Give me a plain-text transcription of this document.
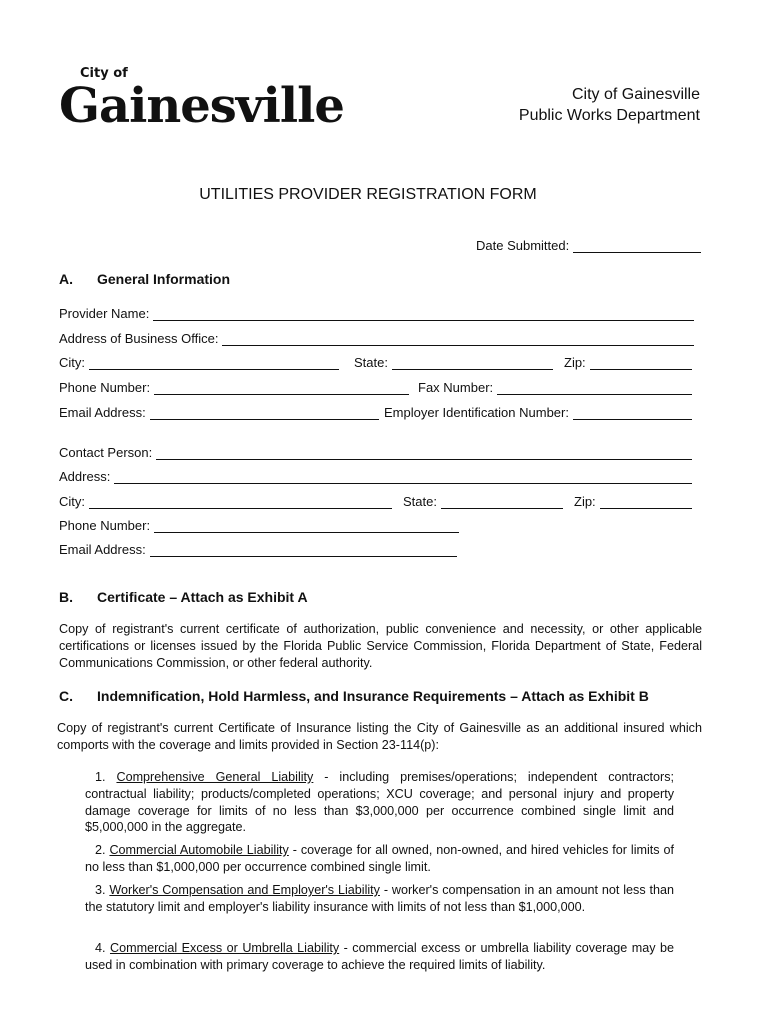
City of
Gainesville	City of Gainesville
Public Works Department
UTILITIES PROVIDER REGISTRATION FORM
Date Submitted:
A. General Information
Provider Name:
Address of Business Office:
City:	State:	Zip:
Phone Number:	Fax Number:
Email Address:	Employer Identification Number:
Contact Person:
Address:
City:	State:	Zip:
Phone Number:
Email Address:
B. Certificate – Attach as Exhibit A
Copy of registrant's current certificate of authorization, public convenience and necessity, or other applicable certifications or licenses issued by the Florida Public Service Commission, Florida Department of State, Federal Communications Commission, or other federal authority.
C. Indemnification, Hold Harmless, and Insurance Requirements – Attach as Exhibit B
Copy of registrant's current Certificate of Insurance listing the City of Gainesville as an additional insured which comports with the coverage and limits provided in Section 23-114(p):
1. Comprehensive General Liability - including premises/operations; independent contractors; contractual liability; products/completed operations; XCU coverage; and personal injury and property damage coverage for limits of no less than $3,000,000 per occurrence combined single limit and $5,000,000 in the aggregate.
2. Commercial Automobile Liability - coverage for all owned, non-owned, and hired vehicles for limits of no less than $1,000,000 per occurrence combined single limit.
3. Worker's Compensation and Employer's Liability - worker's compensation in an amount not less than the statutory limit and employer's liability insurance with limits of not less than $1,000,000.
4. Commercial Excess or Umbrella Liability - commercial excess or umbrella liability coverage may be used in combination with primary coverage to achieve the required limits of liability.
